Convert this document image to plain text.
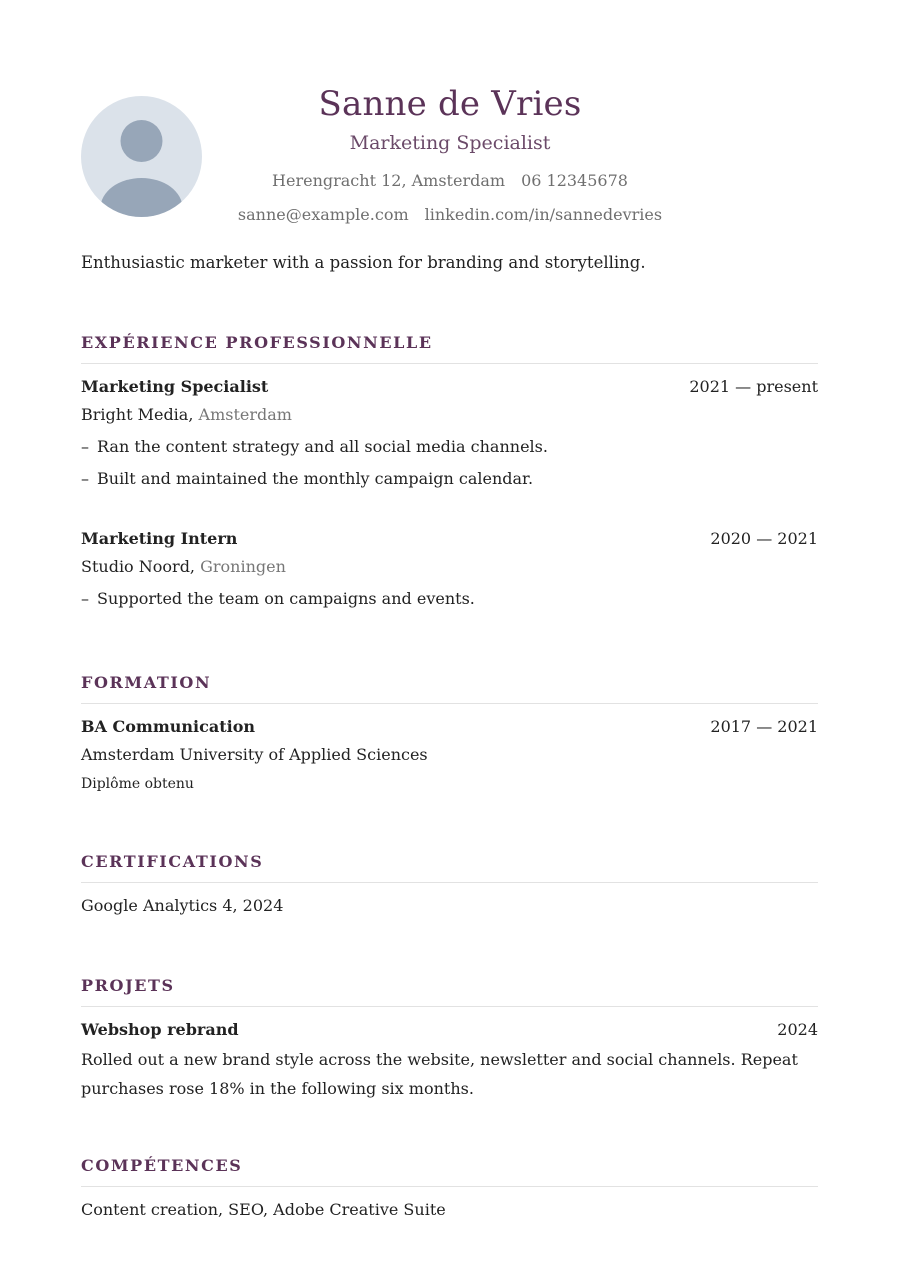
Sanne de Vries
Marketing Specialist
Herengracht 12, Amsterdam 06 12345678
sanne@example.com linkedin.com/in/sannedevries
Enthusiastic marketer with a passion for branding and storytelling.
EXPÉRIENCE PROFESSIONNELLE
Marketing Specialist	2021 — present
Bright Media, Amsterdam
– Ran the content strategy and all social media channels.
– Built and maintained the monthly campaign calendar.
Marketing Intern	2020 — 2021
Studio Noord, Groningen
– Supported the team on campaigns and events.
FORMATION
BA Communication	2017 — 2021
Amsterdam University of Applied Sciences
Diplôme obtenu
CERTIFICATIONS
Google Analytics 4, 2024
PROJETS
Webshop rebrand	2024
Rolled out a new brand style across the website, newsletter and social channels. Repeat purchases rose 18% in the following six months.
COMPÉTENCES
Content creation, SEO, Adobe Creative Suite
